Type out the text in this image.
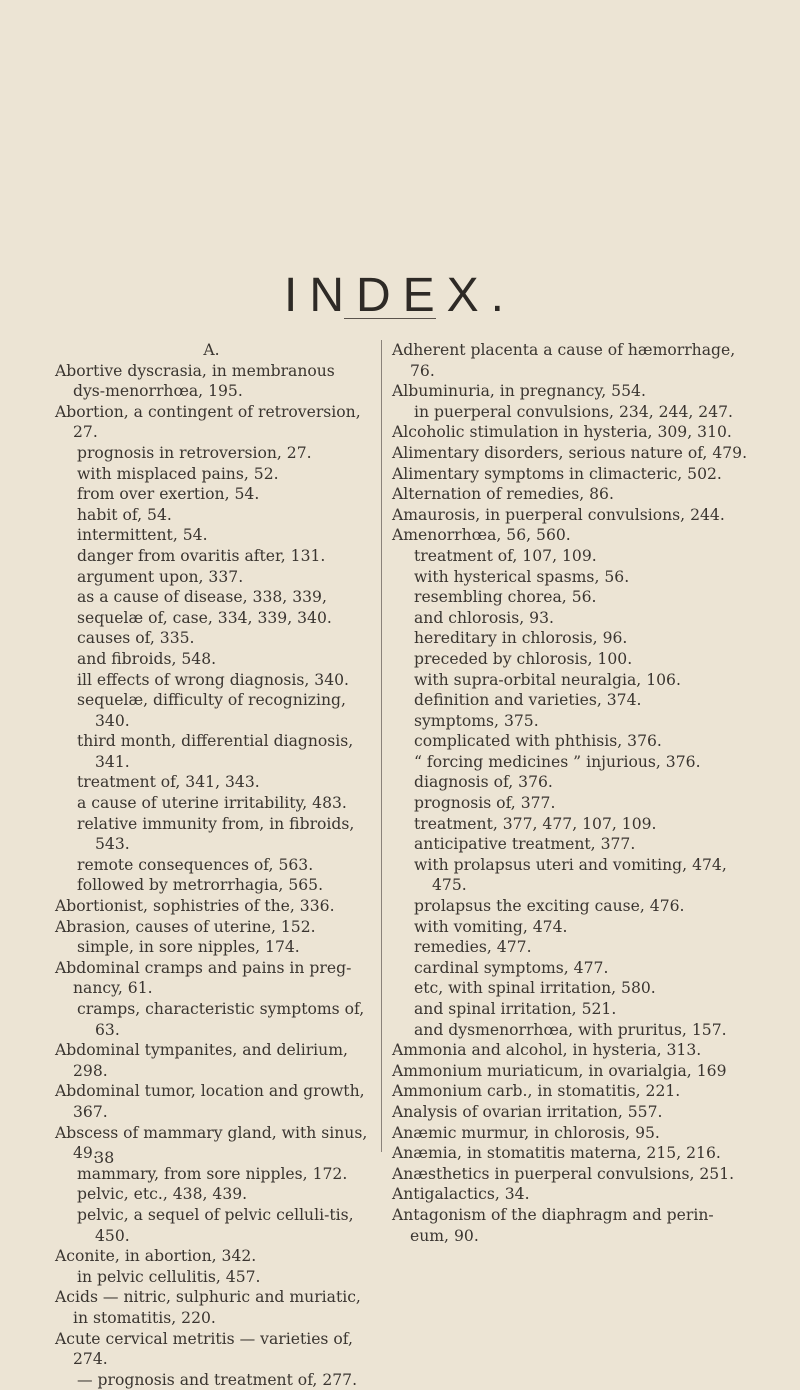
INDEX.

A.

Abortive dyscrasia, in membranous dys-menorrhœa, 195.

Abortion, a contingent of retroversion, 27.

prognosis in retroversion, 27.

with misplaced pains, 52.

from over exertion, 54.

habit of, 54.

intermittent, 54.

danger from ovaritis after, 131.

argument upon, 337.

as a cause of disease, 338, 339,

sequelæ of, case, 334, 339, 340.

causes of, 335.

and fibroids, 548.

ill effects of wrong diagnosis, 340.

sequelæ, difficulty of recognizing, 340.

third month, differential diagnosis, 341.

treatment of, 341, 343.

a cause of uterine irritability, 483.

relative immunity from, in fibroids, 543.

remote consequences of, 563.

followed by metrorrhagia, 565.

Abortionist, sophistries of the, 336.

Abrasion, causes of uterine, 152.

simple, in sore nipples, 174.

Abdominal cramps and pains in preg-nancy, 61.

cramps, characteristic symptoms of, 63.

Abdominal tympanites, and delirium, 298.

Abdominal tumor, location and growth, 367.

Abscess of mammary gland, with sinus, 49.

mammary, from sore nipples, 172.

pelvic, etc., 438, 439.

pelvic, a sequel of pelvic celluli-tis, 450.

Aconite, in abortion, 342.

in pelvic cellulitis, 457.

Acids — nitric, sulphuric and muriatic, in stomatitis, 220.

Acute cervical metritis — varieties of, 274.

— prognosis and treatment of, 277.

Adherent placenta a cause of hæmorrhage, 76.

Albuminuria, in pregnancy, 554.

in puerperal convulsions, 234, 244, 247.

Alcoholic stimulation in hysteria, 309, 310.

Alimentary disorders, serious nature of, 479.

Alimentary symptoms in climacteric, 502.

Alternation of remedies, 86.

Amaurosis, in puerperal convulsions, 244.

Amenorrhœa, 56, 560.

treatment of, 107, 109.

with hysterical spasms, 56.

resembling chorea, 56.

and chlorosis, 93.

hereditary in chlorosis, 96.

preceded by chlorosis, 100.

with supra-orbital neuralgia, 106.

definition and varieties, 374.

symptoms, 375.

complicated with phthisis, 376.

“ forcing medicines ” injurious, 376.

diagnosis of, 376.

prognosis of, 377.

treatment, 377, 477, 107, 109.

anticipative treatment, 377.

with prolapsus uteri and vomiting, 474, 475.

prolapsus the exciting cause, 476.

with vomiting, 474.

remedies, 477.

cardinal symptoms, 477.

etc, with spinal irritation, 580.

and spinal irritation, 521.

and dysmenorrhœa, with pruritus, 157.

Ammonia and alcohol, in hysteria, 313.

Ammonium muriaticum, in ovarialgia, 169

Ammonium carb., in stomatitis, 221.

Analysis of ovarian irritation, 557.

Anæmic murmur, in chlorosis, 95.

Anæmia, in stomatitis materna, 215, 216.

Anæsthetics in puerperal convulsions, 251.

Antigalactics, 34.

Antagonism of the diaphragm and perin-eum, 90.

38
